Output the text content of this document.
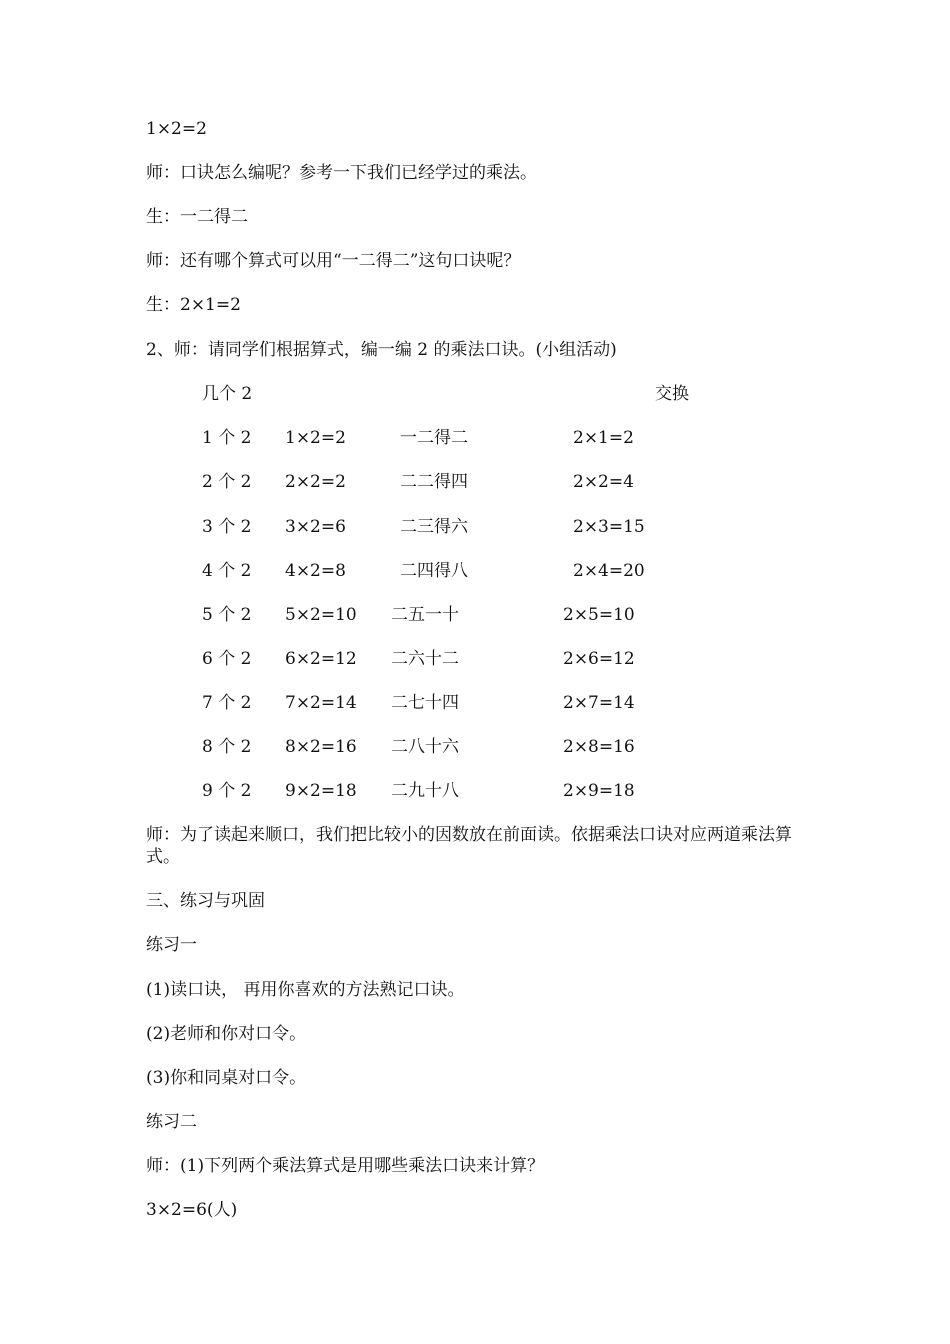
1×2=2
师：口诀怎么编呢？参考一下我们已经学过的乘法。
生：一二得二
师：还有哪个算式可以用“一二得二”这句口诀呢？
生：2×1=2
2、师：请同学们根据算式，编一编 2 的乘法口诀。(小组活动)
几个 2	交换
1 个 2 1×2=2	一二得二	2×1=2
2 个 2 2×2=2	二二得四	2×2=4
3 个 2 3×2=6	二三得六	2×3=15
4 个 2 4×2=8	二四得八	2×4=20
5 个 2 5×2=10 二五一十	2×5=10
6 个 2 6×2=12 二六十二	2×6=12
7 个 2 7×2=14 二七十四	2×7=14
8 个 2 8×2=16 二八十六	2×8=16
9 个 2 9×2=18 二九十八	2×9=18
师：为了读起来顺口，我们把比较小的因数放在前面读。依据乘法口诀对应两道乘法算式。
三、练习与巩固
练习一
(1)读口诀， 再用你喜欢的方法熟记口诀。
(2)老师和你对口令。
(3)你和同桌对口令。
练习二
师：(1)下列两个乘法算式是用哪些乘法口诀来计算？
3×2=6(人)
